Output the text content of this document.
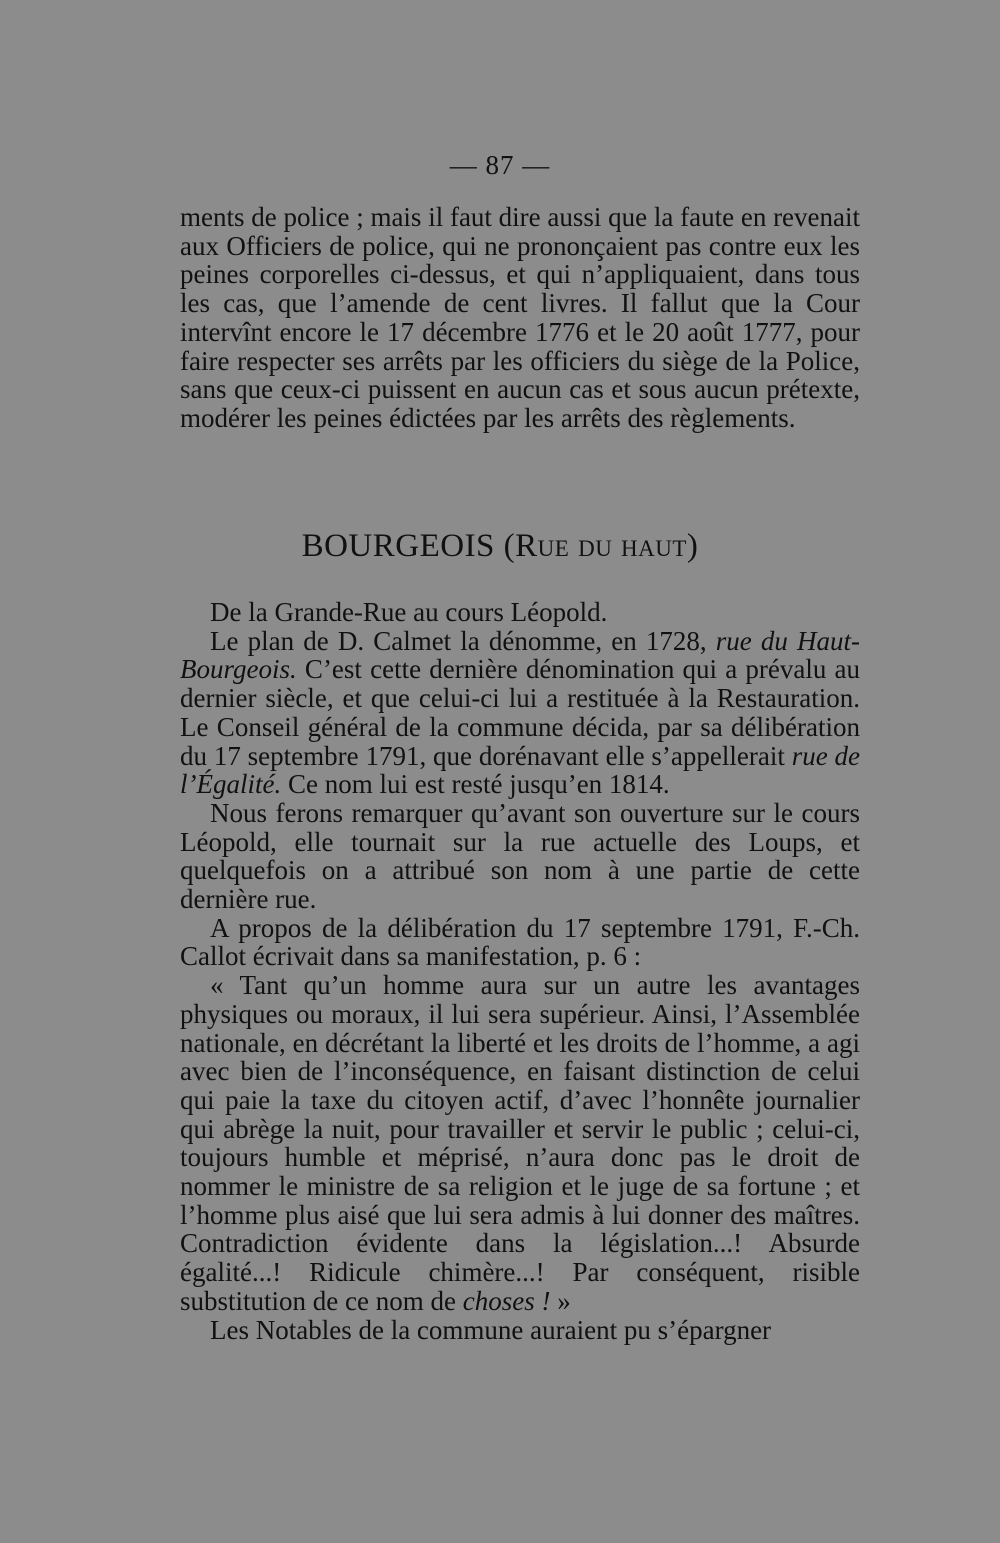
— 87 —

ments de police ; mais il faut dire aussi que la faute en revenait aux Officiers de police, qui ne prononçaient pas contre eux les peines corporelles ci-dessus, et qui n’appliquaient, dans tous les cas, que l’amende de cent livres. Il fallut que la Cour intervînt encore le 17 décembre 1776 et le 20 août 1777, pour faire respecter ses arrêts par les officiers du siège de la Police, sans que ceux-ci puissent en aucun cas et sous aucun prétexte, modérer les peines édictées par les arrêts des règlements.

BOURGEOIS (Rue du haut)

De la Grande-Rue au cours Léopold.

Le plan de D. Calmet la dénomme, en 1728, rue du Haut-Bourgeois. C’est cette dernière dénomination qui a prévalu au dernier siècle, et que celui-ci lui a restituée à la Restauration. Le Conseil général de la commune décida, par sa délibération du 17 septembre 1791, que dorénavant elle s’appellerait rue de l’Égalité. Ce nom lui est resté jusqu’en 1814.

Nous ferons remarquer qu’avant son ouverture sur le cours Léopold, elle tournait sur la rue actuelle des Loups, et quelquefois on a attribué son nom à une partie de cette dernière rue.

A propos de la délibération du 17 septembre 1791, F.-Ch. Callot écrivait dans sa manifestation, p. 6 :

« Tant qu’un homme aura sur un autre les avantages physiques ou moraux, il lui sera supérieur. Ainsi, l’Assemblée nationale, en décrétant la liberté et les droits de l’homme, a agi avec bien de l’inconséquence, en faisant distinction de celui qui paie la taxe du citoyen actif, d’avec l’honnête journalier qui abrège la nuit, pour travailler et servir le public ; celui-ci, toujours humble et méprisé, n’aura donc pas le droit de nommer le ministre de sa religion et le juge de sa fortune ; et l’homme plus aisé que lui sera admis à lui donner des maîtres. Contradiction évidente dans la législation...! Absurde égalité...! Ridicule chimère...! Par conséquent, risible substitution de ce nom de choses ! »

Les Notables de la commune auraient pu s’épargner
